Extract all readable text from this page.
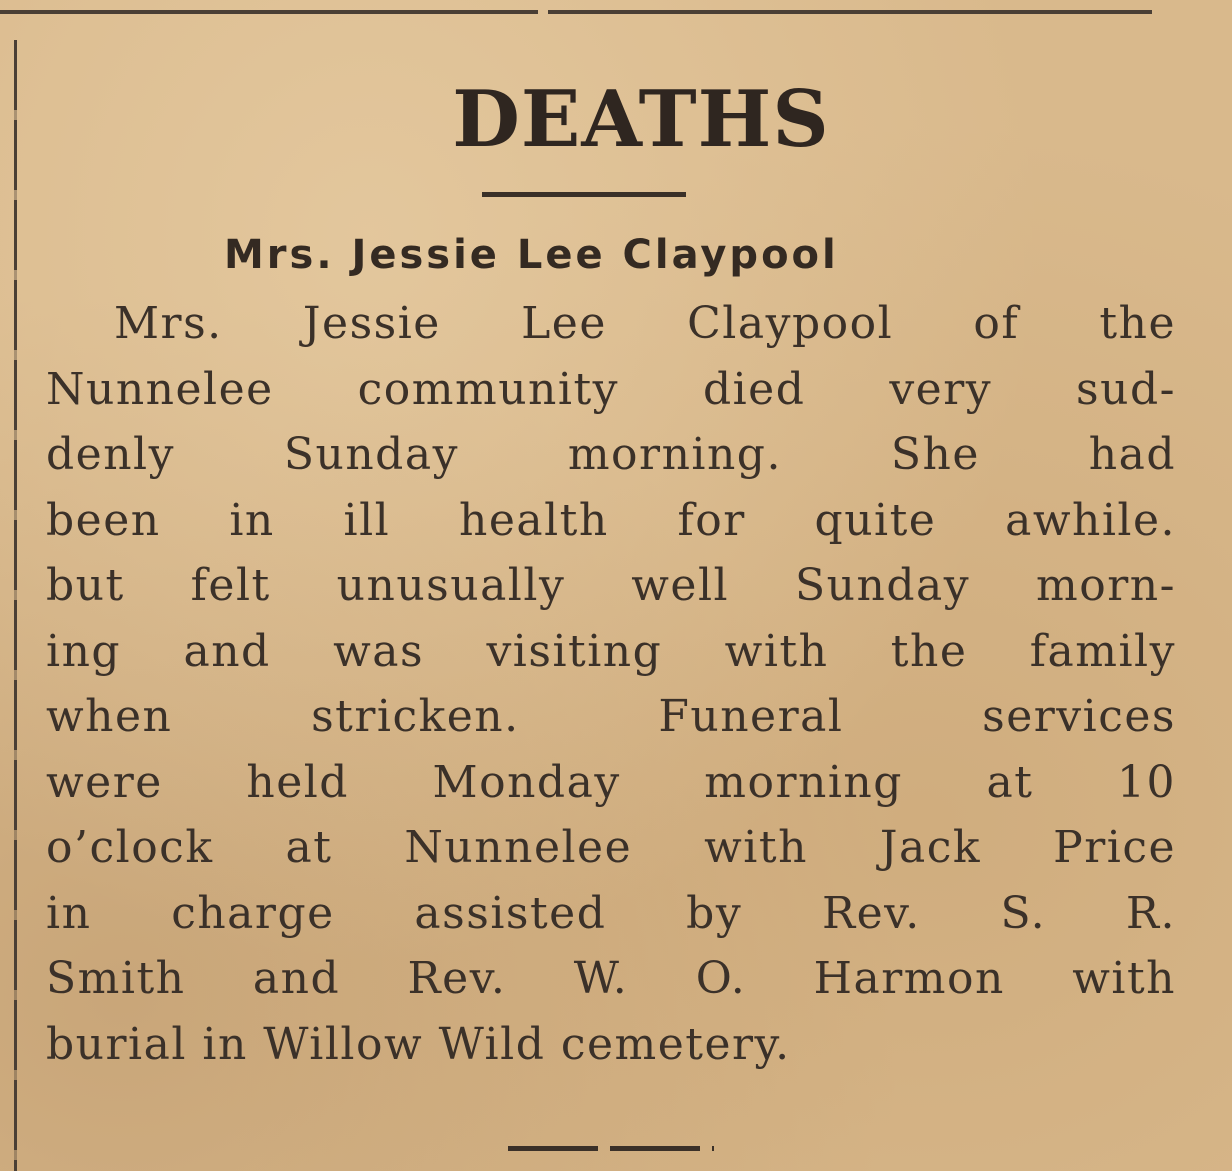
DEATHS
Mrs. Jessie Lee Claypool
Mrs. Jessie Lee Claypool of the
Nunnelee community died very sud-
denly Sunday morning. She had
been in ill health for quite awhile.
but felt unusually well Sunday morn-
ing and was visiting with the family
when stricken. Funeral services
were held Monday morning at 10
o’clock at Nunnelee with Jack Price
in charge assisted by Rev. S. R.
Smith and Rev. W. O. Harmon with
burial in Willow Wild cemetery.
